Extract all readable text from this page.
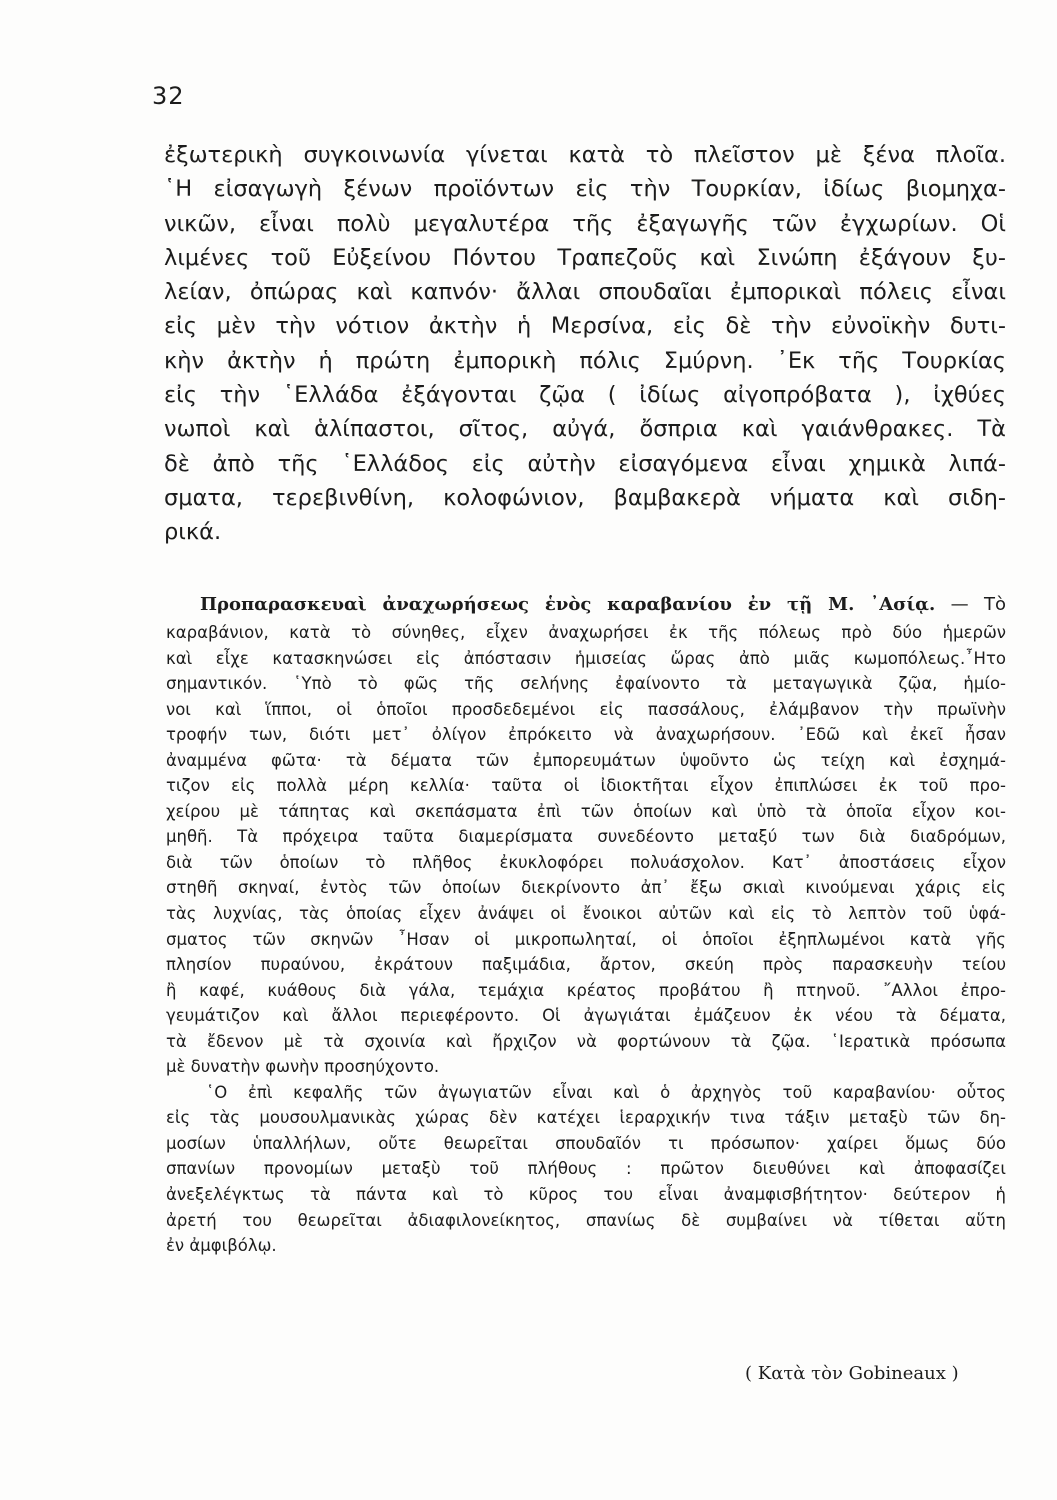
32
ἐξωτερικὴ συγκοινωνία γίνεται κατὰ τὸ πλεῖστον μὲ ξένα πλοῖα.
῾Η εἰσαγωγὴ ξένων προϊόντων εἰς τὴν Τουρκίαν, ἰδίως βιομηχα-
νικῶν, εἶναι πολὺ μεγαλυτέρα τῆς ἐξαγωγῆς τῶν ἐγχωρίων. Οἱ
λιμένες τοῦ Εὐξείνου Πόντου Τραπεζοῦς καὶ Σινώπη ἐξάγουν ξυ-
λείαν, ὀπώρας καὶ καπνόν· ἄλλαι σπουδαῖαι ἐμπορικαὶ πόλεις εἶναι
εἰς μὲν τὴν νότιον ἀκτὴν ἡ Μερσίνα, εἰς δὲ τὴν εὐνοϊκὴν δυτι-
κὴν ἀκτὴν ἡ πρώτη ἐμπορικὴ πόλις Σμύρνη. ᾿Εκ τῆς Τουρκίας
εἰς τὴν ῾Ελλάδα ἐξάγονται ζῷα ( ἰδίως αἰγοπρόβατα ), ἰχθύες
νωποὶ καὶ ἁλίπαστοι, σῖτος, αὐγά, ὄσπρια καὶ γαιάνθρακες. Τὰ
δὲ ἀπὸ τῆς ῾Ελλάδος εἰς αὐτὴν εἰσαγόμενα εἶναι χημικὰ λιπά-
σματα, τερεβινθίνη, κολοφώνιον, βαμβακερὰ νήματα καὶ σιδη-
ρικά.
Προπαρασκευαὶ ἀναχωρήσεως ἑνὸς καραβανίου ἐν τῇ Μ. ᾿Ασίᾳ. — Τὸ
καραβάνιον, κατὰ τὸ σύνηθες, εἶχεν ἀναχωρήσει ἐκ τῆς πόλεως πρὸ δύο ἡμερῶν
καὶ εἶχε κατασκηνώσει εἰς ἀπόστασιν ἡμισείας ὥρας ἀπὸ μιᾶς κωμοπόλεως.῏Ητο
σημαντικόν. ῾Υπὸ τὸ φῶς τῆς σελήνης ἐφαίνοντο τὰ μεταγωγικὰ ζῷα, ἡμίο-
νοι καὶ ἵπποι, οἱ ὁποῖοι προσδεδεμένοι εἰς πασσάλους, ἐλάμβανον τὴν πρωϊνὴν
τροφήν των, διότι μετ᾿ ὀλίγον ἐπρόκειτο νὰ ἀναχωρήσουν. ᾿Εδῶ καὶ ἐκεῖ ἦσαν
ἀναμμένα φῶτα· τὰ δέματα τῶν ἐμπορευμάτων ὑψοῦντο ὡς τείχη καὶ ἐσχημά-
τιζον εἰς πολλὰ μέρη κελλία· ταῦτα οἱ ἰδιοκτῆται εἶχον ἐπιπλώσει ἐκ τοῦ προ-
χείρου μὲ τάπητας καὶ σκεπάσματα ἐπὶ τῶν ὁποίων καὶ ὑπὸ τὰ ὁποῖα εἶχον κοι-
μηθῆ. Τὰ πρόχειρα ταῦτα διαμερίσματα συνεδέοντο μεταξύ των διὰ διαδρόμων,
διὰ τῶν ὁποίων τὸ πλῆθος ἐκυκλοφόρει πολυάσχολον. Κατ᾿ ἀποστάσεις εἶχον
στηθῆ σκηναί, ἐντὸς τῶν ὁποίων διεκρίνοντο ἀπ᾿ ἔξω σκιαὶ κινούμεναι χάρις εἰς
τὰς λυχνίας, τὰς ὁποίας εἶχεν ἀνάψει οἱ ἔνοικοι αὐτῶν καὶ εἰς τὸ λεπτὸν τοῦ ὑφά-
σματος τῶν σκηνῶν ῏Ησαν οἱ μικροπωληταί, οἱ ὁποῖοι ἐξηπλωμένοι κατὰ γῆς
πλησίον πυραύνου, ἐκράτουν παξιμάδια, ἄρτον, σκεύη πρὸς παρασκευὴν τείου
ἢ καφέ, κυάθους διὰ γάλα, τεμάχια κρέατος προβάτου ἢ πτηνοῦ. ῎Αλλοι ἐπρο-
γευμάτιζον καὶ ἄλλοι περιεφέροντο. Οἱ ἀγωγιάται ἐμάζευον ἐκ νέου τὰ δέματα,
τὰ ἔδενον μὲ τὰ σχοινία καὶ ἤρχιζον νὰ φορτώνουν τὰ ζῷα. ῾Ιερατικὰ πρόσωπα
μὲ δυνατὴν φωνὴν προσηύχοντο.
῾Ο ἐπὶ κεφαλῆς τῶν ἀγωγιατῶν εἶναι καὶ ὁ ἀρχηγὸς τοῦ καραβανίου· οὗτος
εἰς τὰς μουσουλμανικὰς χώρας δὲν κατέχει ἱεραρχικήν τινα τάξιν μεταξὺ τῶν δη-
μοσίων ὑπαλλήλων, οὔτε θεωρεῖται σπουδαῖόν τι πρόσωπον· χαίρει ὅμως δύο
σπανίων προνομίων μεταξὺ τοῦ πλήθους : πρῶτον διευθύνει καὶ ἀποφασίζει
ἀνεξελέγκτως τὰ πάντα καὶ τὸ κῦρος του εἶναι ἀναμφισβήτητον· δεύτερον ἡ
ἀρετή του θεωρεῖται ἀδιαφιλονείκητος, σπανίως δὲ συμβαίνει νὰ τίθεται αὕτη
ἐν ἀμφιβόλῳ.
( Κατὰ τὸν Gobineaux )
